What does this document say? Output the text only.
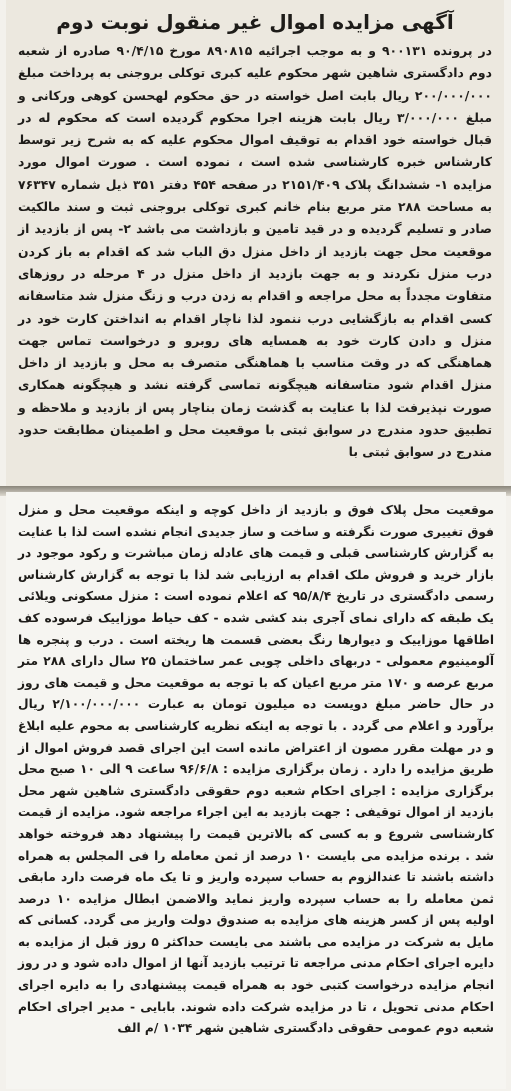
آگهی مزایده اموال غیر منقول نوبت دوم

در پرونده ۹۰۰۱۳۱ و به موجب اجرائیه ۸۹۰۸۱۵ مورخ ۹۰/۴/۱۵ صادره از شعبه دوم دادگستری شاهین شهر محکوم علیه کبری توکلی بروجنی به پرداخت مبلغ ۲۰۰/۰۰۰/۰۰۰ ریال بابت اصل خواسته در حق محکوم لهحسن کوهی ورکانی و مبلغ ۳/۰۰۰/۰۰۰ ریال بابت هزینه اجرا محکوم گردیده است که محکوم له در قبال خواسته خود اقدام به توقیف اموال محکوم علیه که به شرح زیر توسط کارشناس خبره کارشناسی شده است ، نموده است . صورت اموال مورد مزایده ۱- ششدانگ پلاک ۲۱۵۱/۴۰۹ در صفحه ۴۵۴ دفتر ۳۵۱ ذیل شماره ۷۶۳۴۷ به مساحت ۲۸۸ متر مربع بنام خانم کبری توکلی بروجنی ثبت و سند مالکیت صادر و تسلیم گردیده و در قید تامین و بازداشت می باشد ۲- پس از بازدید از موقعیت محل جهت بازدید از داخل منزل دق الباب شد که اقدام به باز کردن درب منزل نکردند و به جهت بازدید از داخل منزل در ۴ مرحله در روزهای متفاوت مجدداً به محل مراجعه و اقدام به زدن درب و زنگ منزل شد متاسفانه کسی اقدام به بازگشایی درب ننمود لذا ناچار اقدام به انداختن کارت خود در منزل و دادن کارت خود به همسایه های روبرو و درخواست تماس جهت هماهنگی که در وقت مناسب با هماهنگی متصرف به محل و بازدید از داخل منزل اقدام شود متاسفانه هیچگونه تماسی گرفته نشد و هیچگونه همکاری صورت نپذیرفت لذا با عنایت به گذشت زمان بناچار پس از بازدید و ملاحظه و تطبیق حدود مندرج در سوابق ثبتی با موقعیت محل و اطمینان مطابقت حدود مندرج در سوابق ثبتی با

موقعیت محل پلاک فوق و بازدید از داخل کوچه و اینکه موقعیت محل و منزل فوق تغییری صورت نگرفته و ساخت و ساز جدیدی انجام نشده است لذا با عنایت به گزارش کارشناسی قبلی و قیمت های عادله زمان مباشرت و رکود موجود در بازار خرید و فروش ملک اقدام به ارزیابی شد لذا با توجه به گزارش کارشناس رسمی دادگستری در تاریخ ۹۵/۸/۴ که اعلام نموده است : منزل مسکونی ویلائی یک طبقه که دارای نمای آجری بند کشی شده - کف حیاط موزاییک فرسوده کف اطاقها موزاییک و دیوارها رنگ بعضی قسمت ها ریخته است . درب و پنجره ها آلومینیوم معمولی - دربهای داخلی چوبی عمر ساختمان ۲۵ سال دارای ۲۸۸ متر مربع عرصه و ۱۷۰ متر مربع اعیان که با توجه به موقعیت محل و قیمت های روز در حال حاضر مبلغ دویست ده میلیون تومان به عبارت ۲/۱۰۰/۰۰۰/۰۰۰ ریال برآورد و اعلام می گردد . با توجه به اینکه نظریه کارشناسی به محوم علیه ابلاغ و در مهلت مقرر مصون از اعتراض مانده است این اجرای قصد فروش اموال از طریق مزایده را دارد . زمان برگزاری مزایده : ۹۶/۶/۸ ساعت ۹ الی ۱۰ صبح محل برگزاری مزایده : اجرای احکام شعبه دوم حقوقی دادگستری شاهین شهر محل بازدید از اموال توقیفی : جهت بازدید به این اجراء مراجعه شود. مزایده از قیمت کارشناسی شروع و به کسی که بالاترین قیمت را پیشنهاد دهد فروخته خواهد شد . برنده مزایده می بایست ۱۰ درصد از ثمن معامله را فی المجلس به همراه داشته باشند تا عندالزوم به حساب سپرده واریز و تا یک ماه فرصت دارد مابقی ثمن معامله را به حساب سپرده واریز نماید والاضمن ابطال مزایده ۱۰ درصد اولیه پس از کسر هزینه های مزایده به صندوق دولت واریز می گردد. کسانی که مایل به شرکت در مزایده می باشند می بایست حداکثر ۵ روز قبل از مزایده به دایره اجرای احکام مدنی مراجعه تا ترتیب بازدید آنها از اموال داده شود و در روز انجام مزایده درخواست کتبی خود به همراه قیمت پیشنهادی را به دایره اجرای احکام مدنی تحویل ، تا در مزایده شرکت داده شوند. بابایی - مدیر اجرای احکام شعبه دوم عمومی حقوقی دادگستری شاهین شهر ۱۰۳۴ /م الف
